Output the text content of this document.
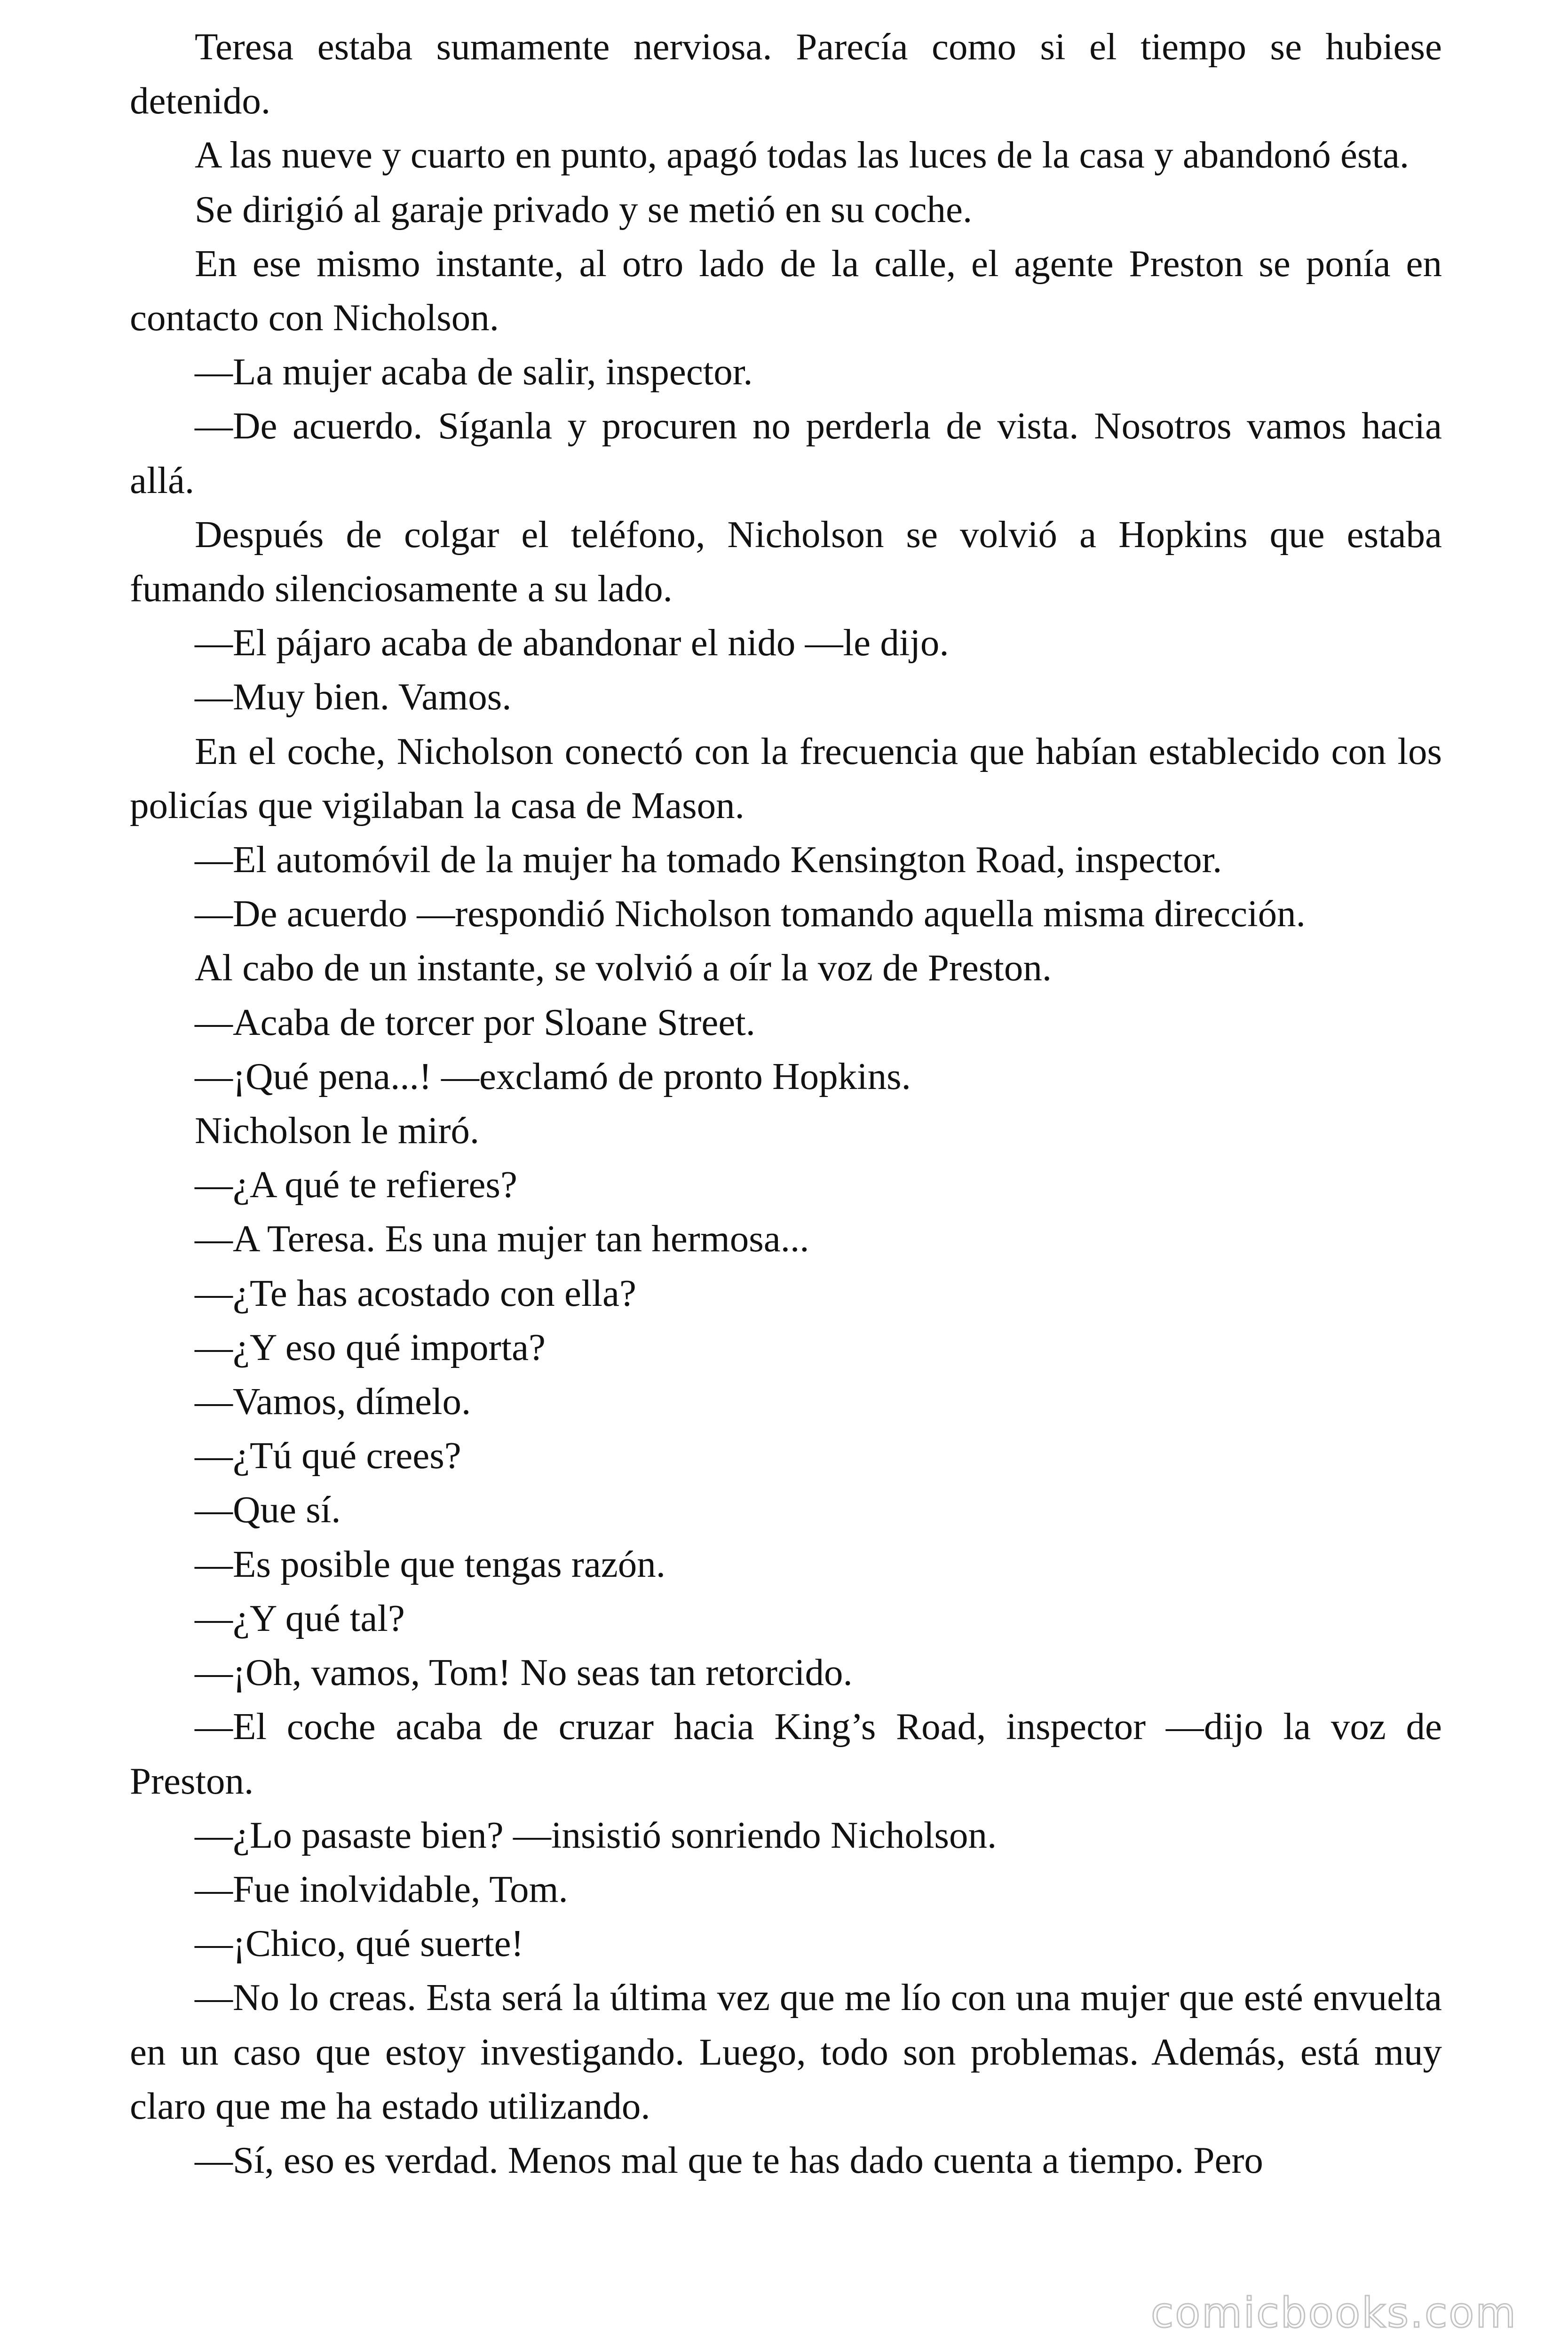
Teresa estaba sumamente nerviosa. Parecía como si el tiempo se hubiese detenido.

A las nueve y cuarto en punto, apagó todas las luces de la casa y abandonó ésta.

Se dirigió al garaje privado y se metió en su coche.

En ese mismo instante, al otro lado de la calle, el agente Preston se ponía en contacto con Nicholson.

—La mujer acaba de salir, inspector.

—De acuerdo. Síganla y procuren no perderla de vista. Nosotros vamos hacia allá.

Después de colgar el teléfono, Nicholson se volvió a Hopkins que estaba fumando silenciosamente a su lado.

—El pájaro acaba de abandonar el nido —le dijo.

—Muy bien. Vamos.

En el coche, Nicholson conectó con la frecuencia que habían establecido con los policías que vigilaban la casa de Mason.

—El automóvil de la mujer ha tomado Kensington Road, inspector.

—De acuerdo —respondió Nicholson tomando aquella misma dirección.

Al cabo de un instante, se volvió a oír la voz de Preston.

—Acaba de torcer por Sloane Street.

—¡Qué pena...! —exclamó de pronto Hopkins.

Nicholson le miró.

—¿A qué te refieres?

—A Teresa. Es una mujer tan hermosa...

—¿Te has acostado con ella?

—¿Y eso qué importa?

—Vamos, dímelo.

—¿Tú qué crees?

—Que sí.

—Es posible que tengas razón.

—¿Y qué tal?

—¡Oh, vamos, Tom! No seas tan retorcido.

—El coche acaba de cruzar hacia King’s Road, inspector —dijo la voz de Preston.

—¿Lo pasaste bien? —insistió sonriendo Nicholson.

—Fue inolvidable, Tom.

—¡Chico, qué suerte!

—No lo creas. Esta será la última vez que me lío con una mujer que esté envuelta en un caso que estoy investigando. Luego, todo son problemas. Además, está muy claro que me ha estado utilizando.

—Sí, eso es verdad. Menos mal que te has dado cuenta a tiempo. Pero

comicbooks.com
